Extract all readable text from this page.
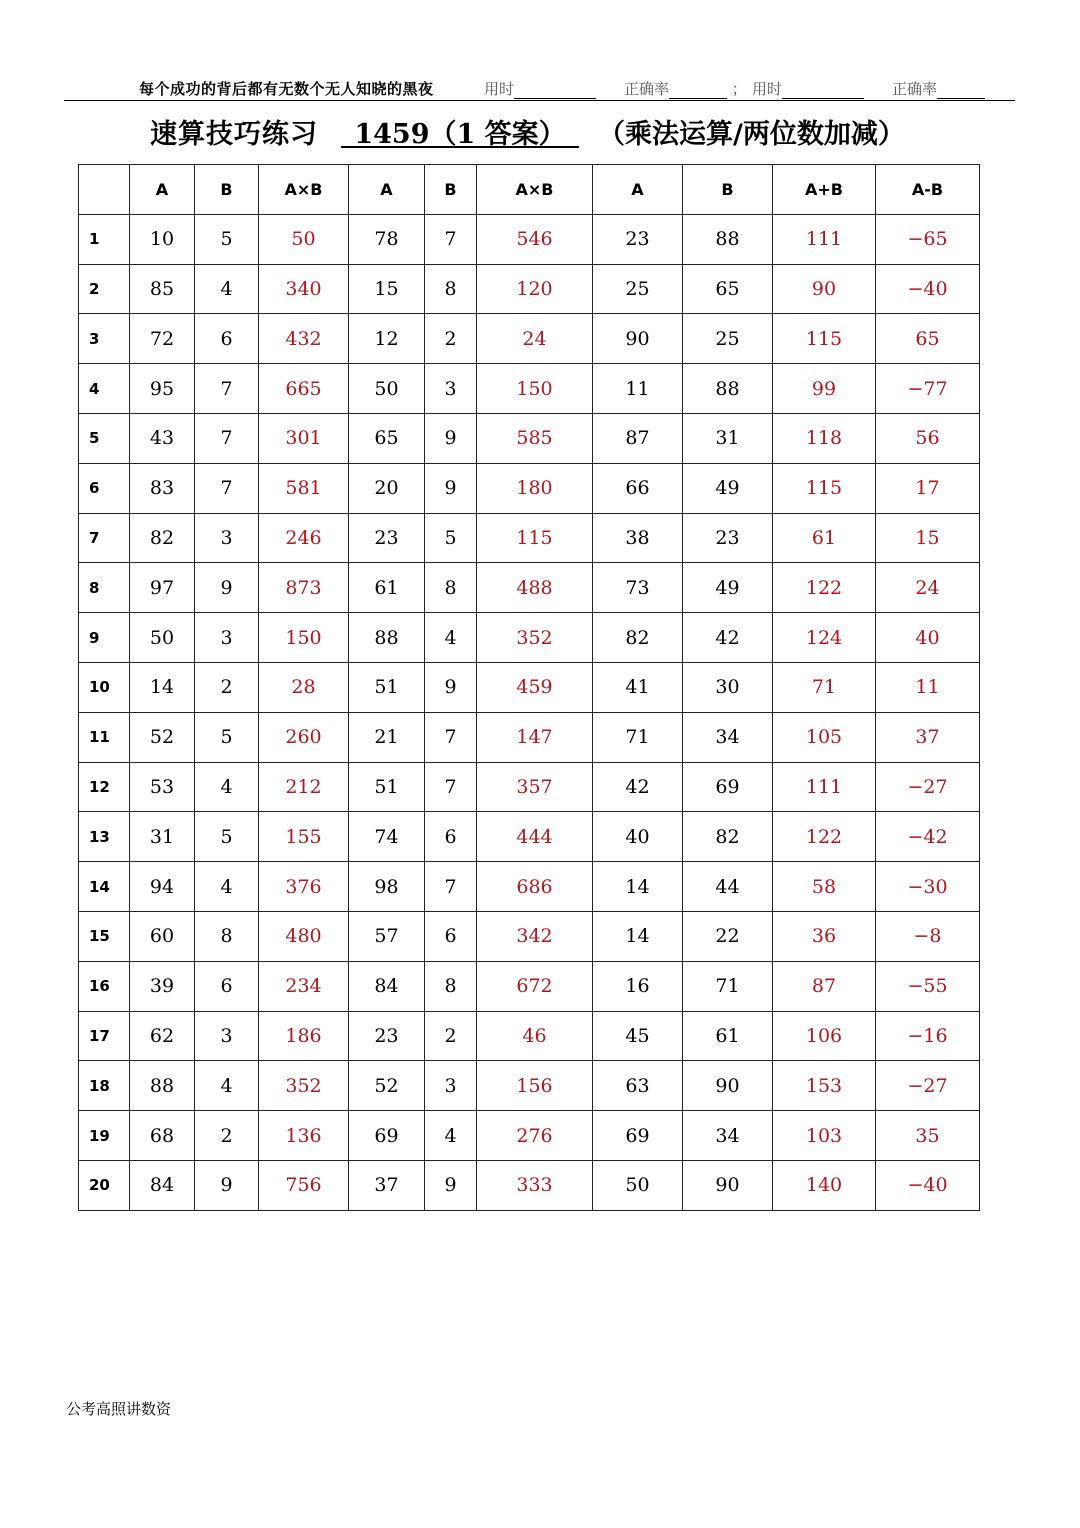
每个成功的背后都有无数个无人知晓的黑夜	用时	正确率	； 用时	正确率
速算技巧练习	1459（1 答案）	（乘法运算/两位数加减）
	A	B	A×B	A	B	A×B	A	B	A+B	A-B
1	10	5	50	78	7	546	23	88	111	−65
2	85	4	340	15	8	120	25	65	90	−40
3	72	6	432	12	2	24	90	25	115	65
4	95	7	665	50	3	150	11	88	99	−77
5	43	7	301	65	9	585	87	31	118	56
6	83	7	581	20	9	180	66	49	115	17
7	82	3	246	23	5	115	38	23	61	15
8	97	9	873	61	8	488	73	49	122	24
9	50	3	150	88	4	352	82	42	124	40
10	14	2	28	51	9	459	41	30	71	11
11	52	5	260	21	7	147	71	34	105	37
12	53	4	212	51	7	357	42	69	111	−27
13	31	5	155	74	6	444	40	82	122	−42
14	94	4	376	98	7	686	14	44	58	−30
15	60	8	480	57	6	342	14	22	36	−8
16	39	6	234	84	8	672	16	71	87	−55
17	62	3	186	23	2	46	45	61	106	−16
18	88	4	352	52	3	156	63	90	153	−27
19	68	2	136	69	4	276	69	34	103	35
20	84	9	756	37	9	333	50	90	140	−40
公考高照讲数资
